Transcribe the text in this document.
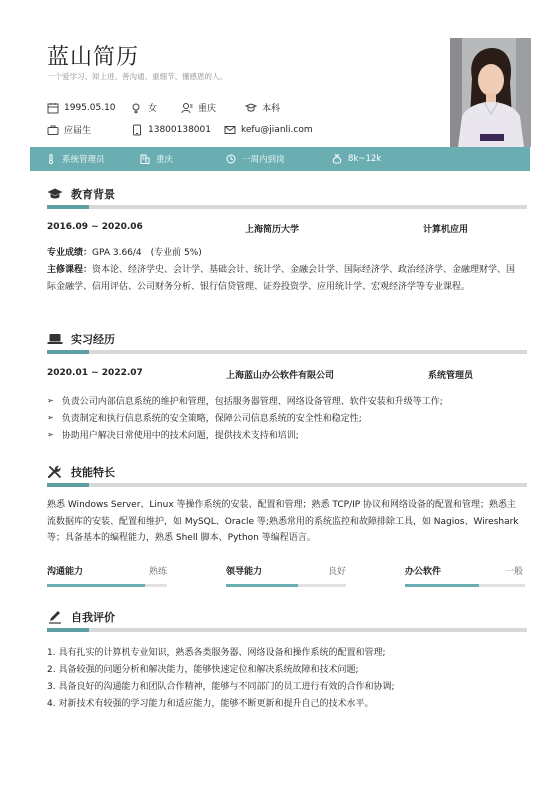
蓝山简历
一个爱学习、知上进、善沟通、重细节、懂感恩的人。
1995.05.10	女	重庆	本科
应届生	13800138001	kefu@jianli.com
系统管理员	重庆	一周内到岗	8k~12k
教育背景
2016.09 ~ 2020.06	上海简历大学	计算机应用
专业成绩：GPA 3.66/4　(专业前 5%)
主修课程：资本论、经济学史、会计学、基础会计、统计学、金融会计学、国际经济学、政治经济学、金融理财学、国际金融学、信用评估、公司财务分析、银行信贷管理、证券投资学、应用统计学、宏观经济学等专业课程。
实习经历
2020.01 ~ 2022.07	上海蓝山办公软件有限公司	系统管理员
➢ 负责公司内部信息系统的维护和管理，包括服务器管理、网络设备管理、软件安装和升级等工作;
➢ 负责制定和执行信息系统的安全策略，保障公司信息系统的安全性和稳定性;
➢ 协助用户解决日常使用中的技术问题，提供技术支持和培训;
技能特长
熟悉 Windows Server、Linux 等操作系统的安装、配置和管理；熟悉 TCP/IP 协议和网络设备的配置和管理；熟悉主流数据库的安装、配置和维护，如 MySQL、Oracle 等;熟悉常用的系统监控和故障排除工具，如 Nagios、Wireshark 等；具备基本的编程能力，熟悉 Shell 脚本、Python 等编程语言。
沟通能力	熟练	领导能力	良好	办公软件	一般
自我评价
1. 具有扎实的计算机专业知识，熟悉各类服务器、网络设备和操作系统的配置和管理;
2. 具备较强的问题分析和解决能力，能够快速定位和解决系统故障和技术问题;
3. 具备良好的沟通能力和团队合作精神，能够与不同部门的员工进行有效的合作和协调;
4. 对新技术有较强的学习能力和适应能力，能够不断更新和提升自己的技术水平。
